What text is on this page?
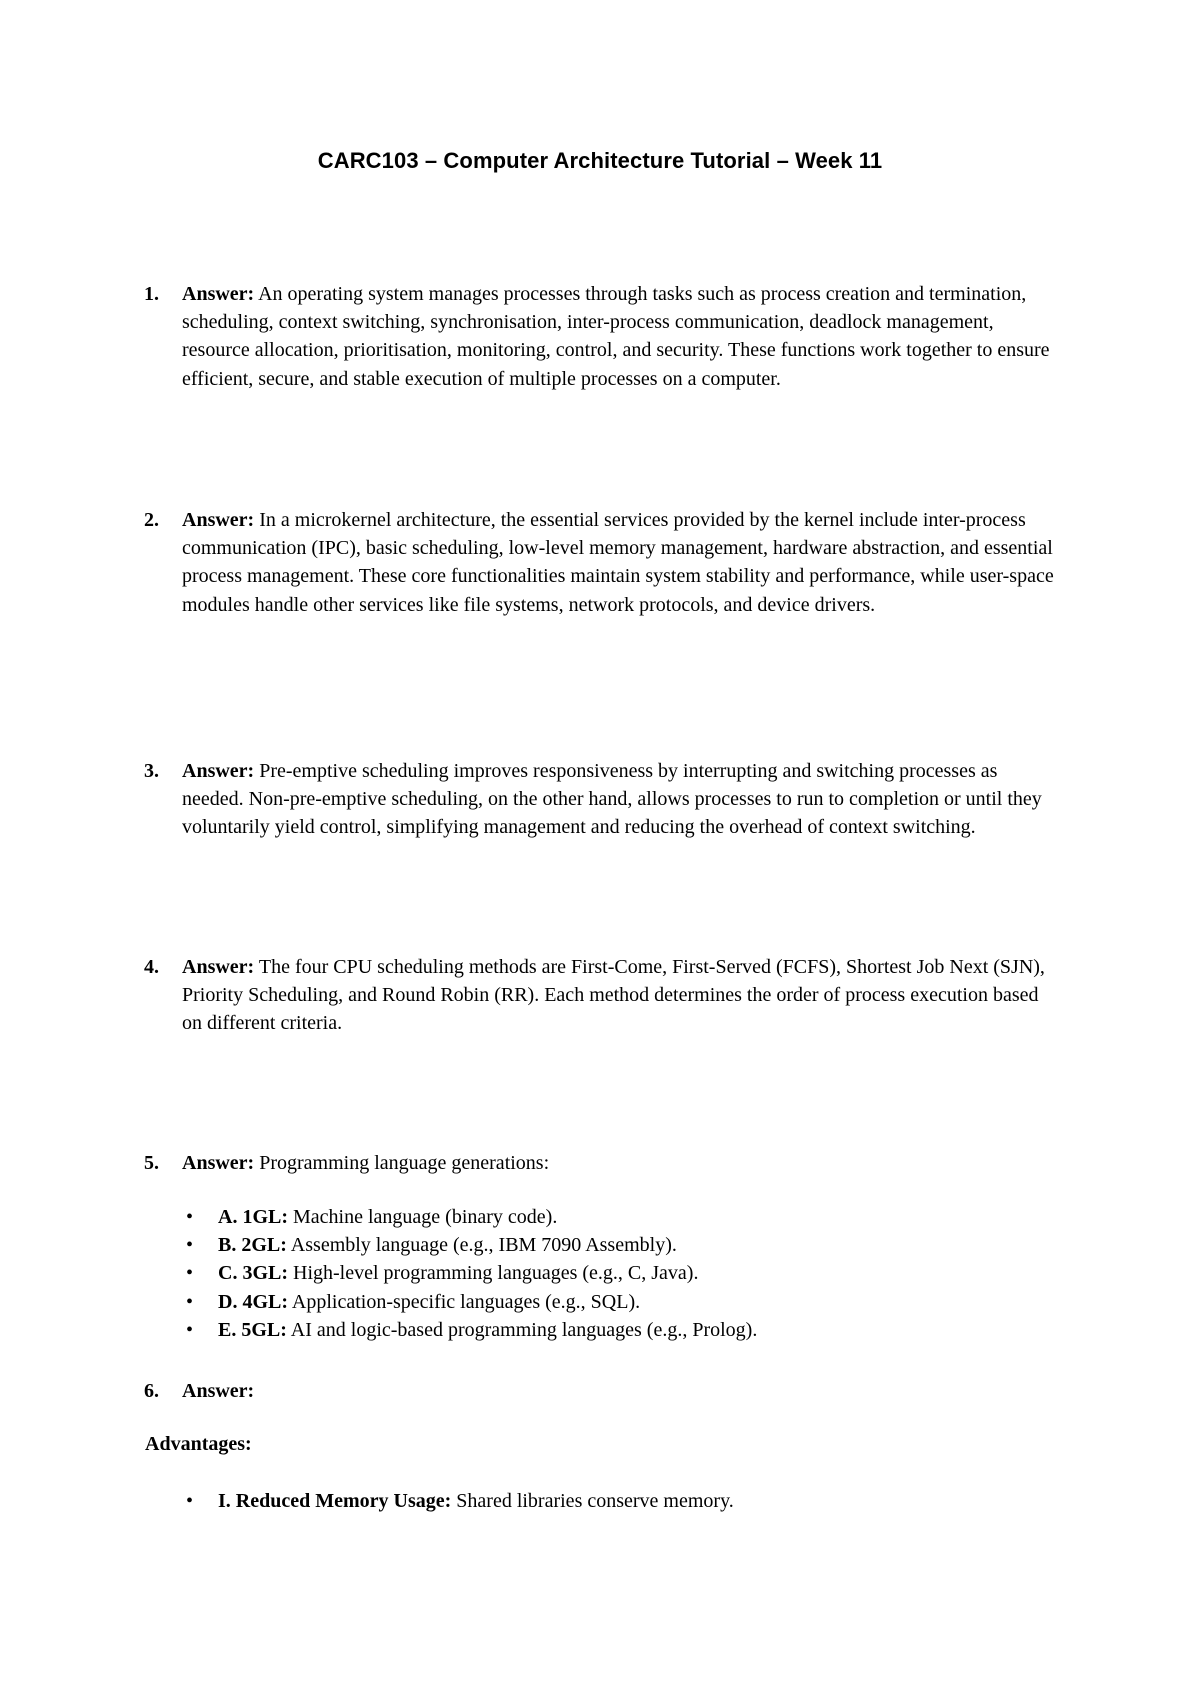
CARC103 – Computer Architecture Tutorial – Week 11
1. Answer: An operating system manages processes through tasks such as process creation and termination, scheduling, context switching, synchronisation, inter-process communication, deadlock management, resource allocation, prioritisation, monitoring, control, and security. These functions work together to ensure efficient, secure, and stable execution of multiple processes on a computer.

2. Answer: In a microkernel architecture, the essential services provided by the kernel include inter-process communication (IPC), basic scheduling, low-level memory management, hardware abstraction, and essential process management. These core functionalities maintain system stability and performance, while user-space modules handle other services like file systems, network protocols, and device drivers.

3. Answer: Pre-emptive scheduling improves responsiveness by interrupting and switching processes as needed. Non-pre-emptive scheduling, on the other hand, allows processes to run to completion or until they voluntarily yield control, simplifying management and reducing the overhead of context switching.

4. Answer: The four CPU scheduling methods are First-Come, First-Served (FCFS), Shortest Job Next (SJN), Priority Scheduling, and Round Robin (RR). Each method determines the order of process execution based on different criteria.

5. Answer: Programming language generations:

• A. 1GL: Machine language (binary code).
• B. 2GL: Assembly language (e.g., IBM 7090 Assembly).
• C. 3GL: High-level programming languages (e.g., C, Java).
• D. 4GL: Application-specific languages (e.g., SQL).
• E. 5GL: AI and logic-based programming languages (e.g., Prolog).
6. Answer:

Advantages:
• I. Reduced Memory Usage: Shared libraries conserve memory.
